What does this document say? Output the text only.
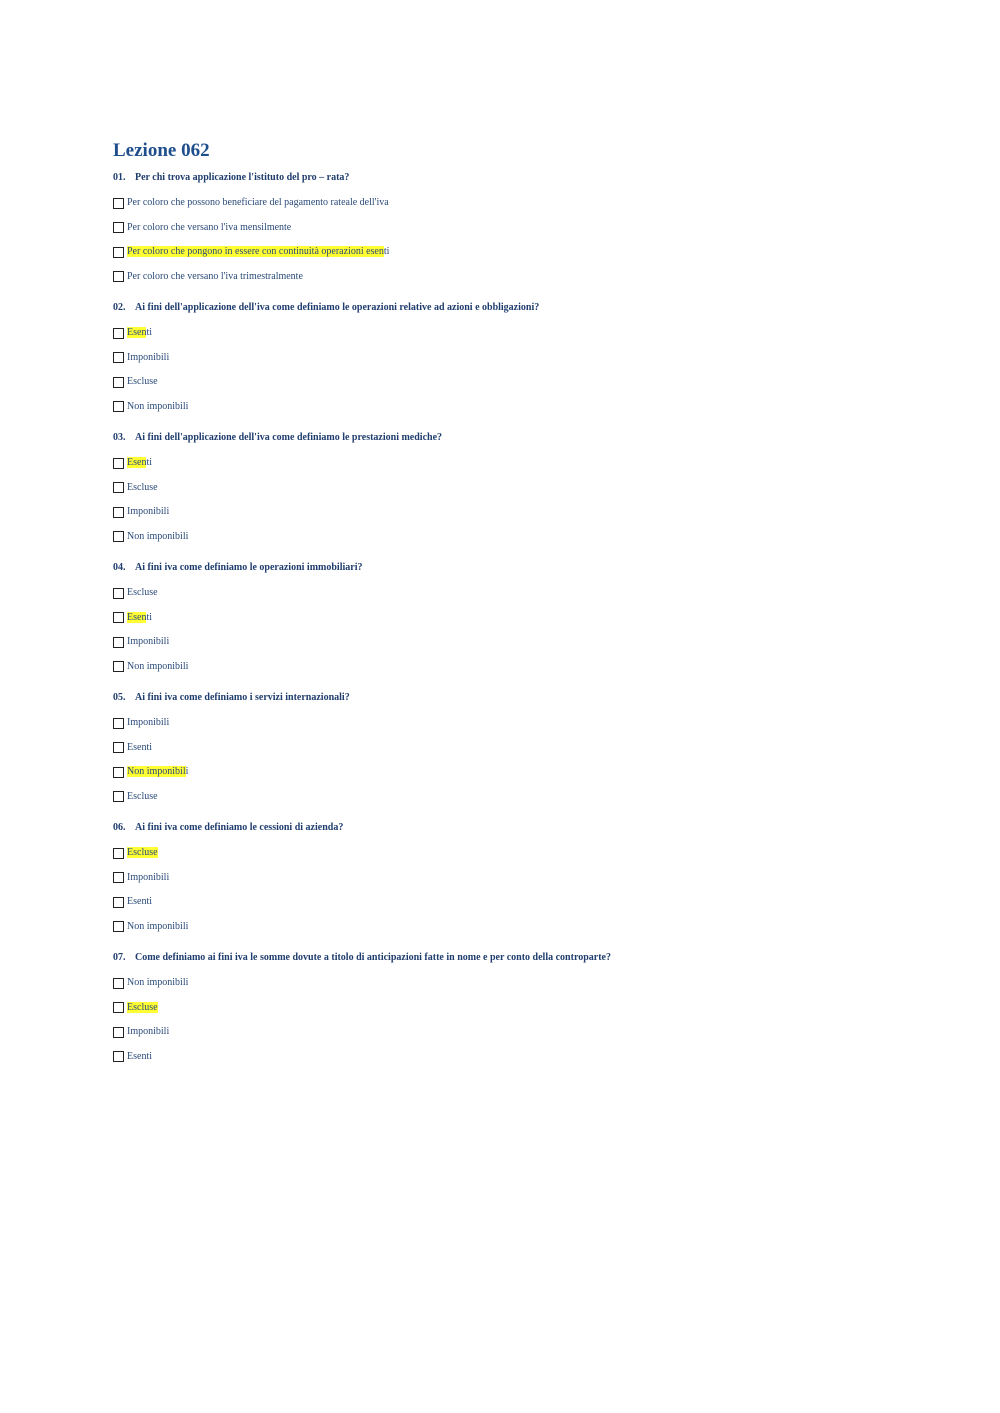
Lezione 062
01. Per chi trova applicazione l'istituto del pro – rata?
Per coloro che possono beneficiare del pagamento rateale dell'iva
Per coloro che versano l'iva mensilmente
Per coloro che pongono in essere con continuità operazioni esenti
Per coloro che versano l'iva trimestralmente
02. Ai fini dell'applicazione dell'iva come definiamo le operazioni relative ad azioni e obbligazioni?
Esenti
Imponibili
Escluse
Non imponibili
03. Ai fini dell'applicazione dell'iva come definiamo le prestazioni mediche?
Esenti
Escluse
Imponibili
Non imponibili
04. Ai fini iva come definiamo le operazioni immobiliari?
Escluse
Esenti
Imponibili
Non imponibili
05. Ai fini iva come definiamo i servizi internazionali?
Imponibili
Esenti
Non imponibili
Escluse
06. Ai fini iva come definiamo le cessioni di azienda?
Escluse
Imponibili
Esenti
Non imponibili
07. Come definiamo ai fini iva le somme dovute a titolo di anticipazioni fatte in nome e per conto della controparte?
Non imponibili
Escluse
Imponibili
Esenti
